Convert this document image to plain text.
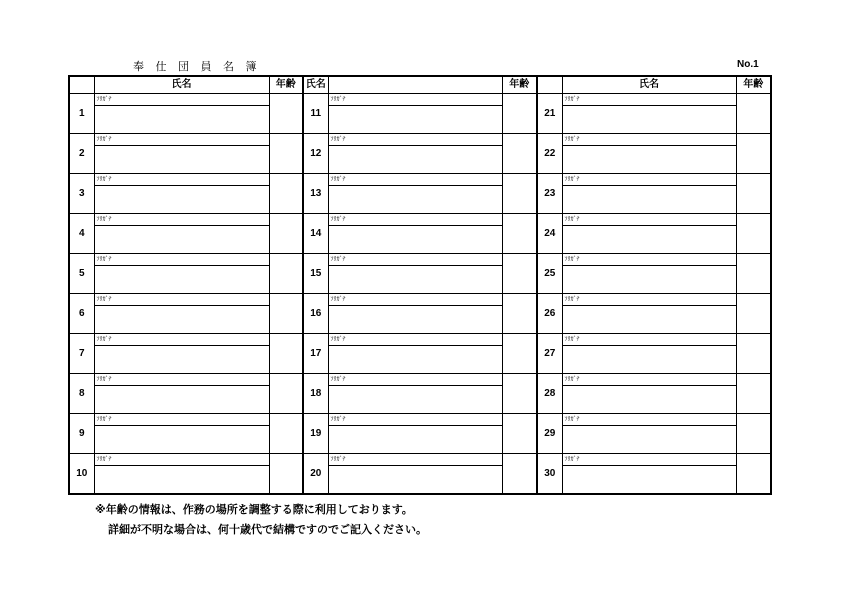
奉 仕 団 員 名 簿	No.1
	氏名	年齢	氏名		年齢		氏名	年齢
1	ﾌﾘｶﾞﾅ		11	ﾌﾘｶﾞﾅ		21	ﾌﾘｶﾞﾅ	

2	ﾌﾘｶﾞﾅ		12	ﾌﾘｶﾞﾅ		22	ﾌﾘｶﾞﾅ	

3	ﾌﾘｶﾞﾅ		13	ﾌﾘｶﾞﾅ		23	ﾌﾘｶﾞﾅ	

4	ﾌﾘｶﾞﾅ		14	ﾌﾘｶﾞﾅ		24	ﾌﾘｶﾞﾅ	

5	ﾌﾘｶﾞﾅ		15	ﾌﾘｶﾞﾅ		25	ﾌﾘｶﾞﾅ	

6	ﾌﾘｶﾞﾅ		16	ﾌﾘｶﾞﾅ		26	ﾌﾘｶﾞﾅ	

7	ﾌﾘｶﾞﾅ		17	ﾌﾘｶﾞﾅ		27	ﾌﾘｶﾞﾅ	

8	ﾌﾘｶﾞﾅ		18	ﾌﾘｶﾞﾅ		28	ﾌﾘｶﾞﾅ	

9	ﾌﾘｶﾞﾅ		19	ﾌﾘｶﾞﾅ		29	ﾌﾘｶﾞﾅ	

10	ﾌﾘｶﾞﾅ		20	ﾌﾘｶﾞﾅ		30	ﾌﾘｶﾞﾅ	

※年齢の情報は、作務の場所を調整する際に利用しております。
詳細が不明な場合は、何十歳代で結構ですのでご記入ください。
